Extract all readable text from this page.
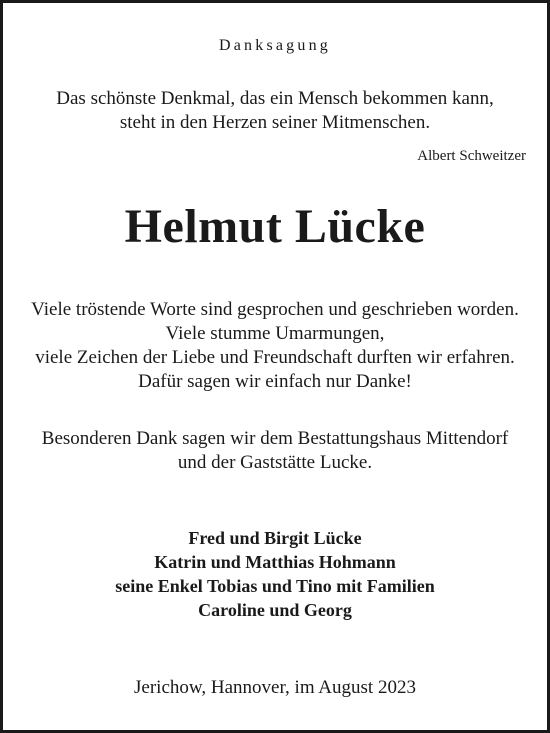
Danksagung

Das schönste Denkmal, das ein Mensch bekommen kann,

steht in den Herzen seiner Mitmenschen.

Albert Schweitzer

Helmut Lücke

Viele tröstende Worte sind gesprochen und geschrieben worden.

Viele stumme Umarmungen,

viele Zeichen der Liebe und Freundschaft durften wir erfahren.

Dafür sagen wir einfach nur Danke!

Besonderen Dank sagen wir dem Bestattungshaus Mittendorf

und der Gaststätte Lucke.

Fred und Birgit Lücke

Katrin und Matthias Hohmann

seine Enkel Tobias und Tino mit Familien

Caroline und Georg

Jerichow, Hannover, im August 2023
